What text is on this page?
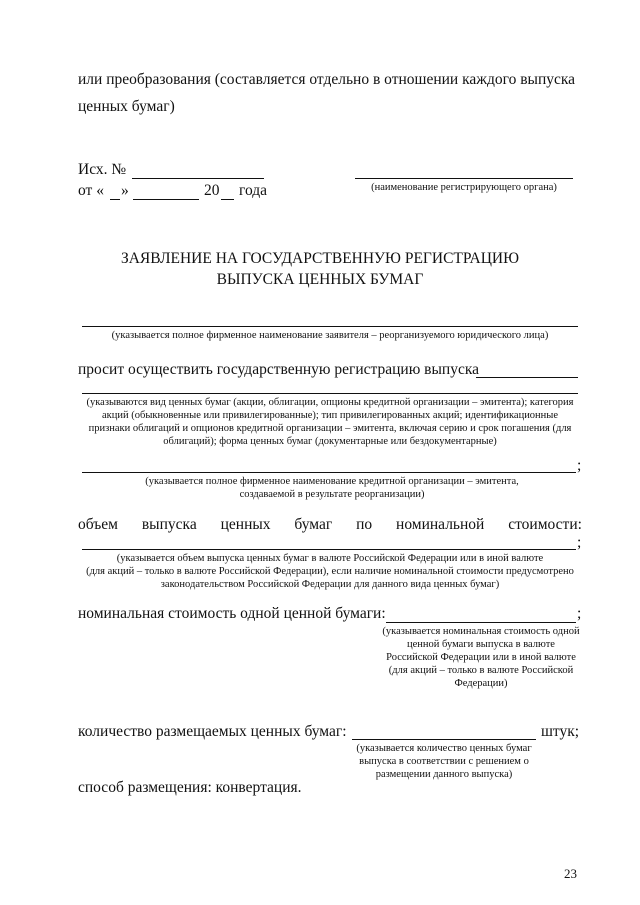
или преобразования (составляется отдельно в отношении каждого выпуска
ценных бумаг)
Исх. №
от « »	20 года	(наименование регистрирующего органа)
ЗАЯВЛЕНИЕ НА ГОСУДАРСТВЕННУЮ РЕГИСТРАЦИЮ
ВЫПУСКА ЦЕННЫХ БУМАГ
(указывается полное фирменное наименование заявителя – реорганизуемого юридического лица)
просит осуществить государственную регистрацию выпуска
(указываются вид ценных бумаг (акции, облигации, опционы кредитной организации – эмитента); категория
акций (обыкновенные или привилегированные); тип привилегированных акций; идентификационные
признаки облигаций и опционов кредитной организации – эмитента, включая серию и срок погашения (для
облигаций); форма ценных бумаг (документарные или бездокументарные)
;
(указывается полное фирменное наименование кредитной организации – эмитента,
создаваемой в результате реорганизации)
объем выпуска ценных бумаг по номинальной стоимости:
;
(указывается объем выпуска ценных бумаг в валюте Российской Федерации или в иной валюте
(для акций – только в валюте Российской Федерации), если наличие номинальной стоимости предусмотрено
законодательством Российской Федерации для данного вида ценных бумаг)
номинальная стоимость одной ценной бумаги:	;
(указывается номинальная стоимость одной
ценной бумаги выпуска в валюте
Российской Федерации или в иной валюте
(для акций – только в валюте Российской
Федерации)
количество размещаемых ценных бумаг:	штук;
(указывается количество ценных бумаг
выпуска в соответствии с решением о
размещении данного выпуска)
способ размещения: конвертация.
23
